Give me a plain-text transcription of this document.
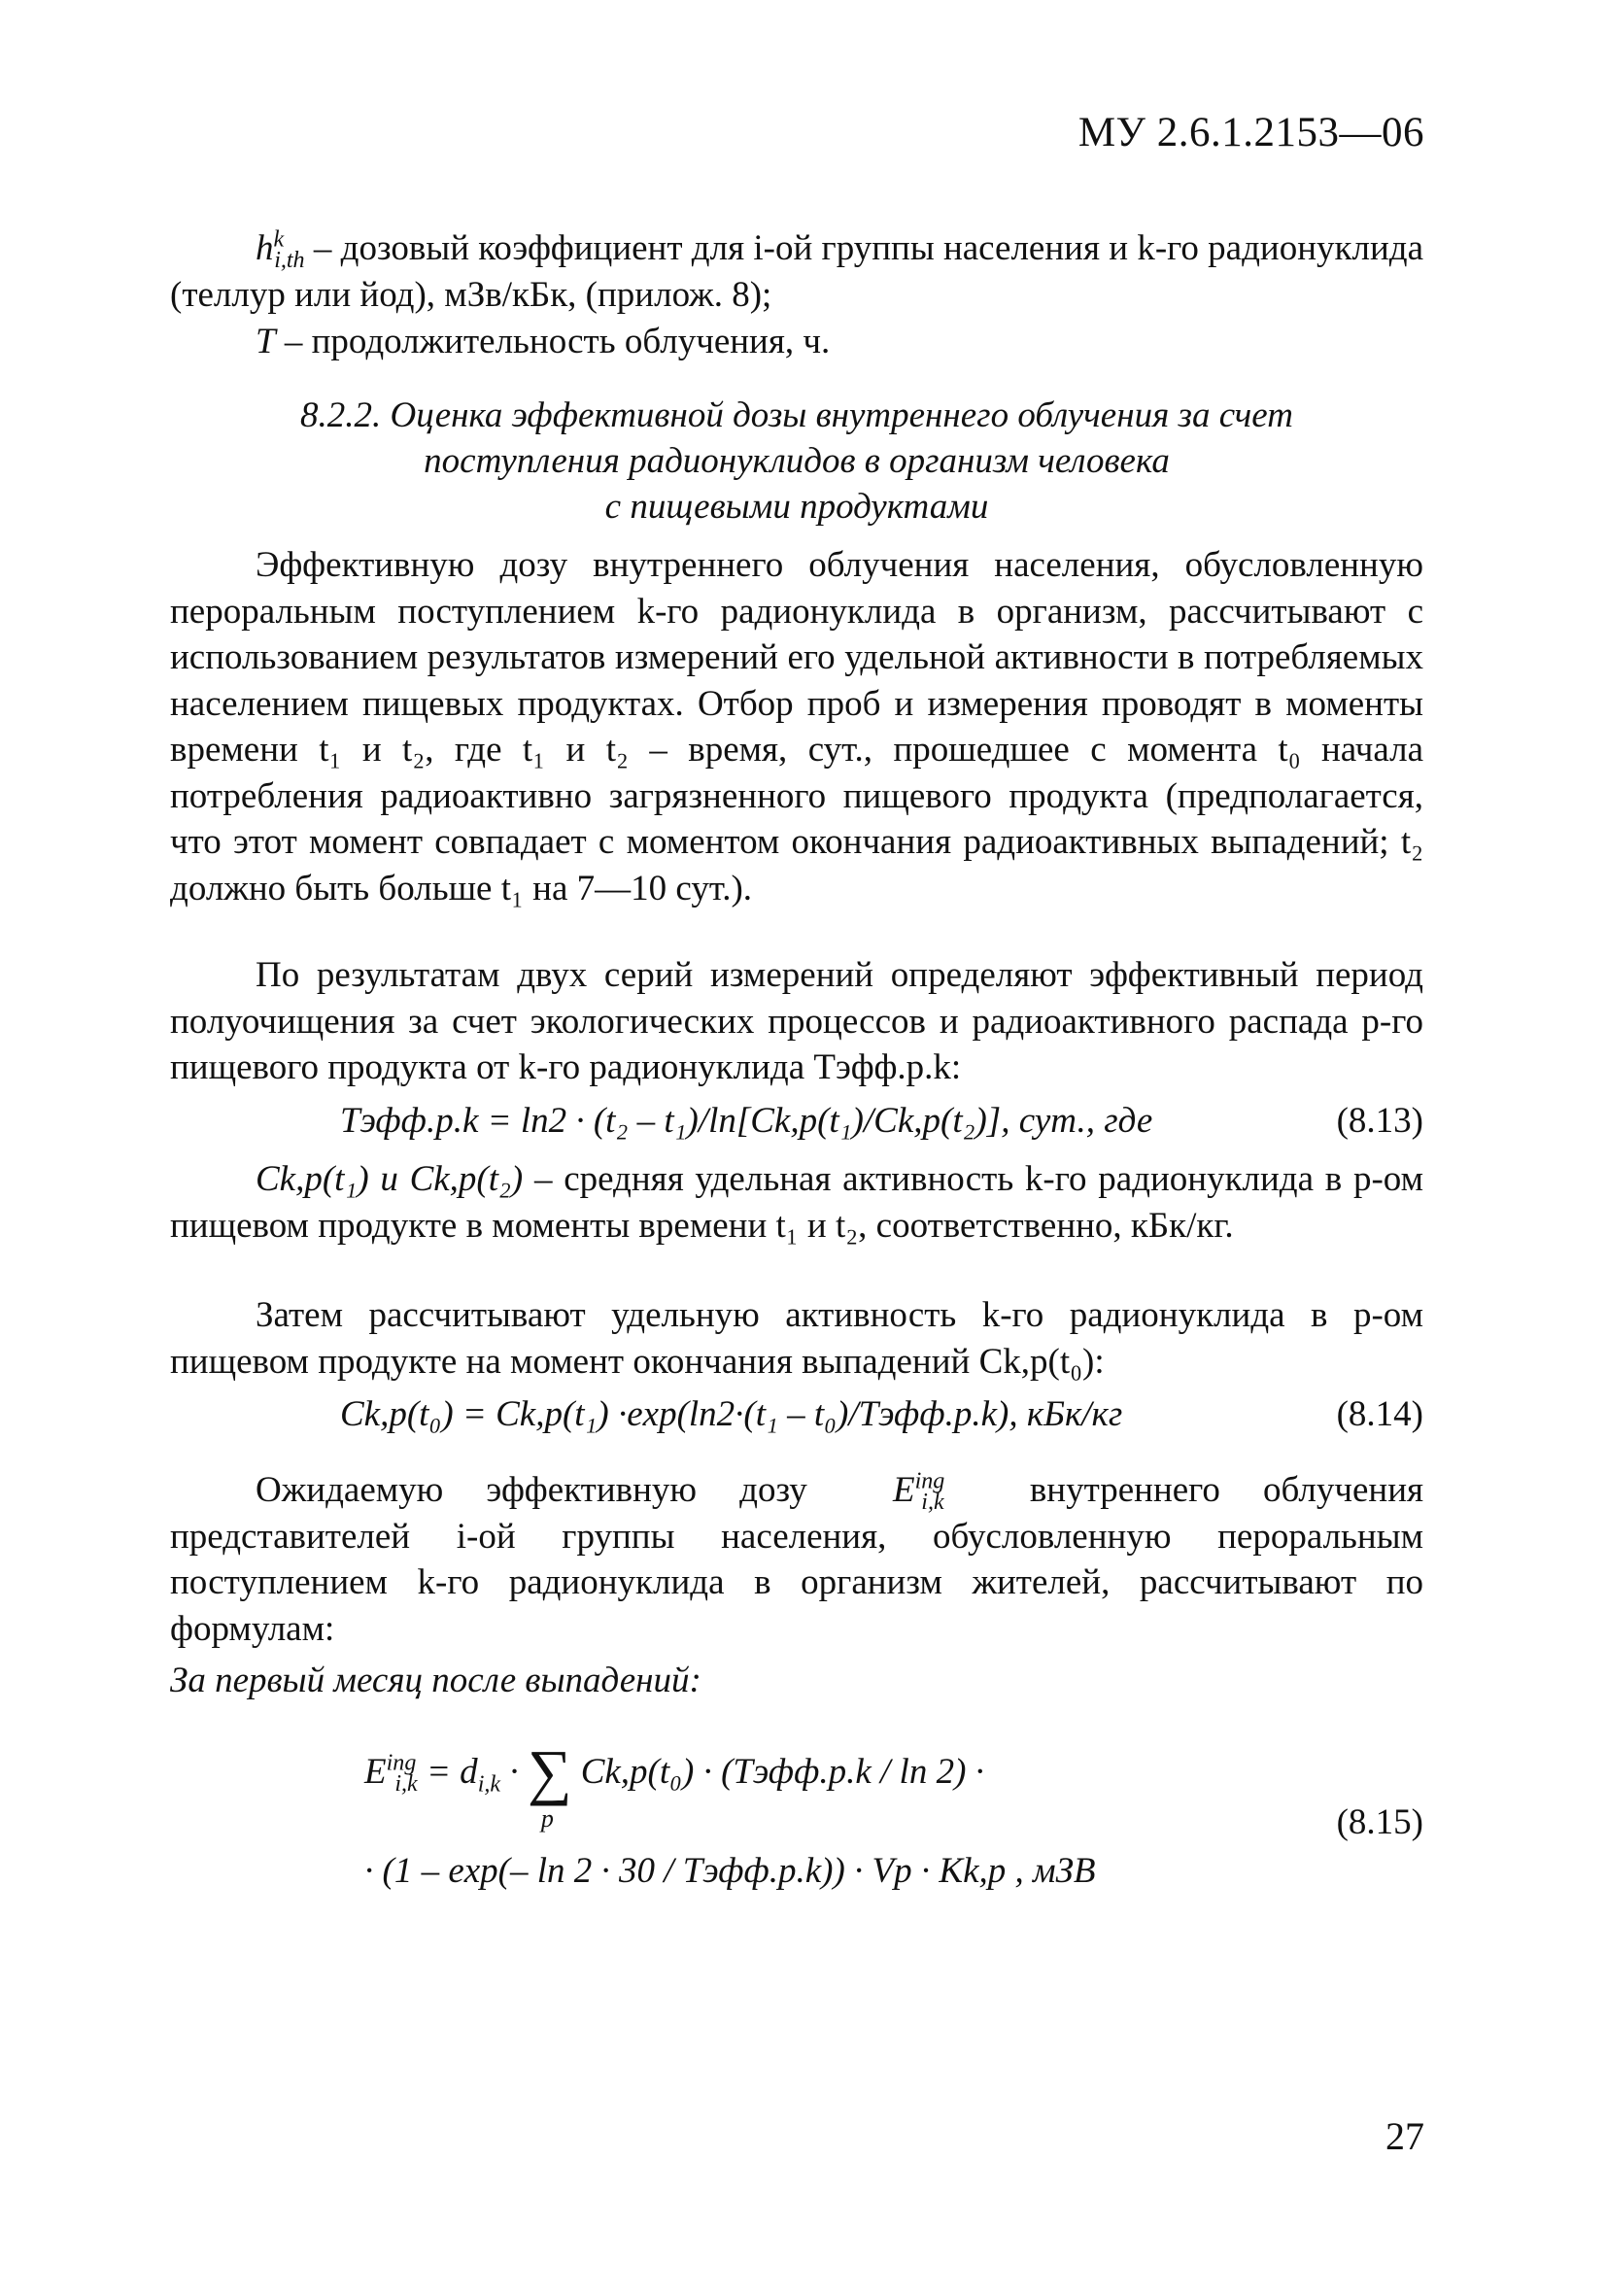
МУ 2.6.1.2153—06
$h^k_{i,th}$ – дозовый коэффициент для i-ой группы населения и k-го радионуклида (теллур или йод), мЗв/кБк, (прилож. 8);
T – продолжительность облучения, ч.
8.2.2. Оценка эффективной дозы внутреннего облучения за счет
поступления радионуклидов в организм человека
с пищевыми продуктами
Эффективную дозу внутреннего облучения населения, обусловленную пероральным поступлением k-го радионуклида в организм, рассчитывают с использованием результатов измерений его удельной активности в потребляемых населением пищевых продуктах. Отбор проб и измерения проводят в моменты времени t₁ и t₂, где t₁ и t₂ – время, сут., прошедшее с момента t₀ начала потребления радиоактивно загрязненного пищевого продукта (предполагается, что этот момент совпадает с моментом окончания радиоактивных выпадений; t₂ должно быть больше t₁ на 7—10 сут.).
По результатам двух серий измерений определяют эффективный период полуочищения за счет экологических процессов и радиоактивного распада p-го пищевого продукта от k-го радионуклида Tэфф.p.k:
Tэфф.p.k = ln2 · (t₂ – t₁)/ln[Ck,p(t₁)/Ck,p(t₂)], сут., где	(8.13)
Ck,p(t₁) и Ck,p(t₂) – средняя удельная активность k-го радионуклида в p-ом пищевом продукте в моменты времени t₁ и t₂, соответственно, кБк/кг.
Затем рассчитывают удельную активность k-го радионуклида в p-ом пищевом продукте на момент окончания выпадений Ck,p(t₀):
Ck,p(t₀) = Ck,p(t₁) ·exp(ln2·(t₁ – t₀)/Tэфф.p.k), кБк/кг	(8.14)
Ожидаемую эффективную дозу  $E^{ing}_{i,k}$ внутреннего облучения представителей i-ой группы населения, обусловленную пероральным поступлением k-го радионуклида в организм жителей, рассчитывают по формулам:
За первый месяц после выпадений:
$E^{ing}_{i,k} = d_{i,k}$ · ∑
p
Ck,p(t₀) · (Tэфф.p.k / ln 2) ·
· (1 – exp(– ln 2 · 30 / Tэфф.p.k)) · Vp · Kk,p , мЗВ
(8.15)
27
